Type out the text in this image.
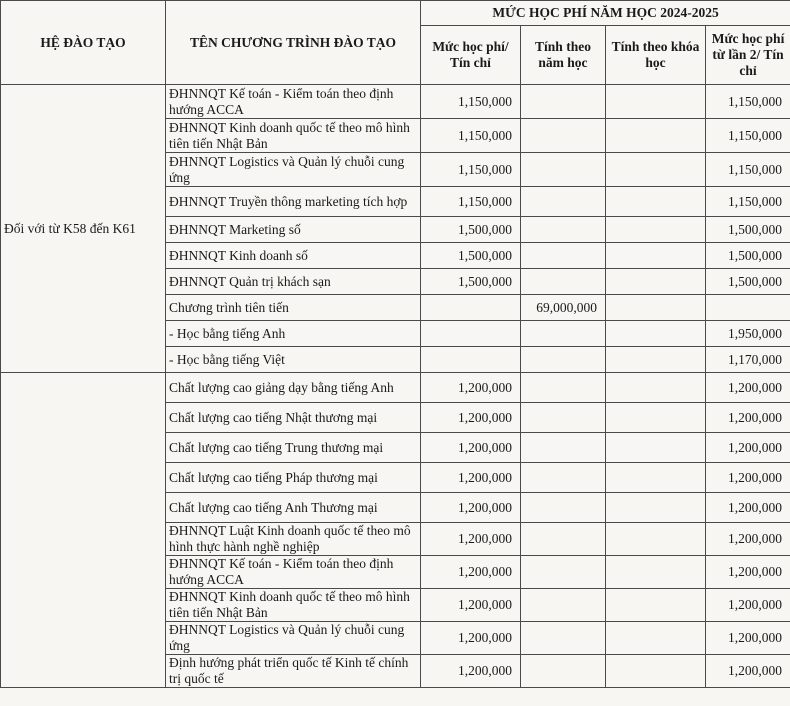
HỆ ĐÀO TẠO	TÊN CHƯƠNG TRÌNH ĐÀO TẠO	MỨC HỌC PHÍ NĂM HỌC 2024-2025			
		Mức học phí/ Tín chỉ	Tính theo năm học	Tính theo khóa học	Mức học phí từ lần 2/ Tín chỉ
Đối với từ K58 đến K61	ĐHNNQT Kế toán - Kiểm toán theo định hướng ACCA	1,150,000			1,150,000
	ĐHNNQT Kinh doanh quốc tế theo mô hình tiên tiến Nhật Bản	1,150,000			1,150,000
	ĐHNNQT Logistics và Quản lý chuỗi cung ứng	1,150,000			1,150,000
	ĐHNNQT Truyền thông marketing tích hợp	1,150,000			1,150,000
	ĐHNNQT Marketing số	1,500,000			1,500,000
	ĐHNNQT Kinh doanh số	1,500,000			1,500,000
	ĐHNNQT Quản trị khách sạn	1,500,000			1,500,000
	Chương trình tiên tiến		69,000,000		
	- Học bằng tiếng Anh				1,950,000
	- Học bằng tiếng Việt				1,170,000
	Chất lượng cao giảng dạy bằng tiếng Anh	1,200,000			1,200,000
	Chất lượng cao tiếng Nhật thương mại	1,200,000			1,200,000
	Chất lượng cao tiếng Trung thương mại	1,200,000			1,200,000
	Chất lượng cao tiếng Pháp thương mại	1,200,000			1,200,000
	Chất lượng cao tiếng Anh Thương mại	1,200,000			1,200,000
	ĐHNNQT Luật Kinh doanh quốc tế theo mô hình thực hành nghề nghiệp	1,200,000			1,200,000
	ĐHNNQT Kế toán - Kiểm toán theo định hướng ACCA	1,200,000			1,200,000
	ĐHNNQT Kinh doanh quốc tế theo mô hình tiên tiến Nhật Bản	1,200,000			1,200,000
	ĐHNNQT Logistics và Quản lý chuỗi cung ứng	1,200,000			1,200,000
	Định hướng phát triển quốc tế Kinh tế chính trị quốc tế	1,200,000			1,200,000
